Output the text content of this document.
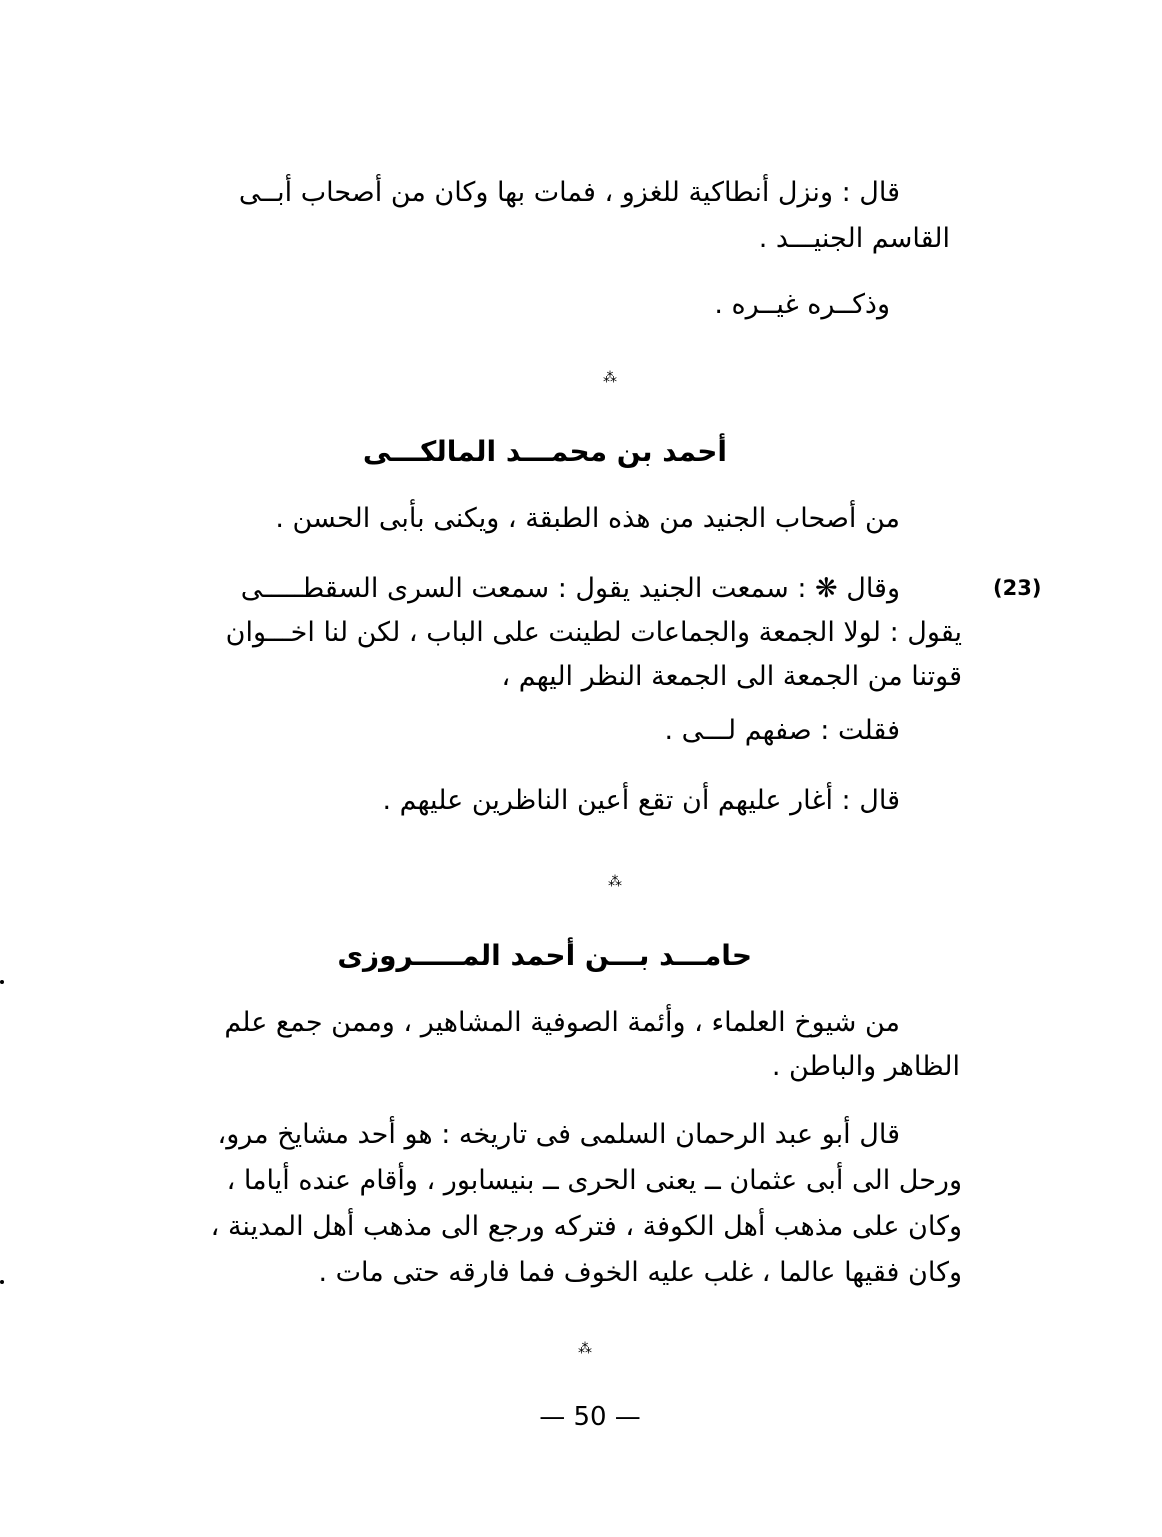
قال : ونزل أنطاكية للغزو ، فمات بها وكان من أصحاب أبــى
القاسم الجنيـــد .
وذكــره غيــره .
⁂
أحمد بن محمـــد المالكـــى
من أصحاب الجنيد من هذه الطبقة ، ويكنى بأبى الحسن .
(23)
وقال ❋ : سمعت الجنيد يقول : سمعت السرى السقطـــــى
يقول : لولا الجمعة والجماعات لطينت على الباب ، لكن لنا اخـــوان
قوتنا من الجمعة الى الجمعة النظر اليهم ،
فقلت : صفهم لـــى .
قال : أغار عليهم أن تقع أعين الناظرين عليهم .
⁂
حامـــد بـــن أحمد المـــــروزى
من شيوخ العلماء ، وأئمة الصوفية المشاهير ، وممن جمع علم
الظاهر والباطن .
قال أبو عبد الرحمان السلمى فى تاريخه : هو أحد مشايخ مرو،
ورحل الى أبى عثمان ــ يعنى الحرى ــ بنيسابور ، وأقام عنده أياما ،
وكان على مذهب أهل الكوفة ، فتركه ورجع الى مذهب أهل المدينة ،
وكان فقيها عالما ، غلب عليه الخوف فما فارقه حتى مات .
⁂
— 50 —
